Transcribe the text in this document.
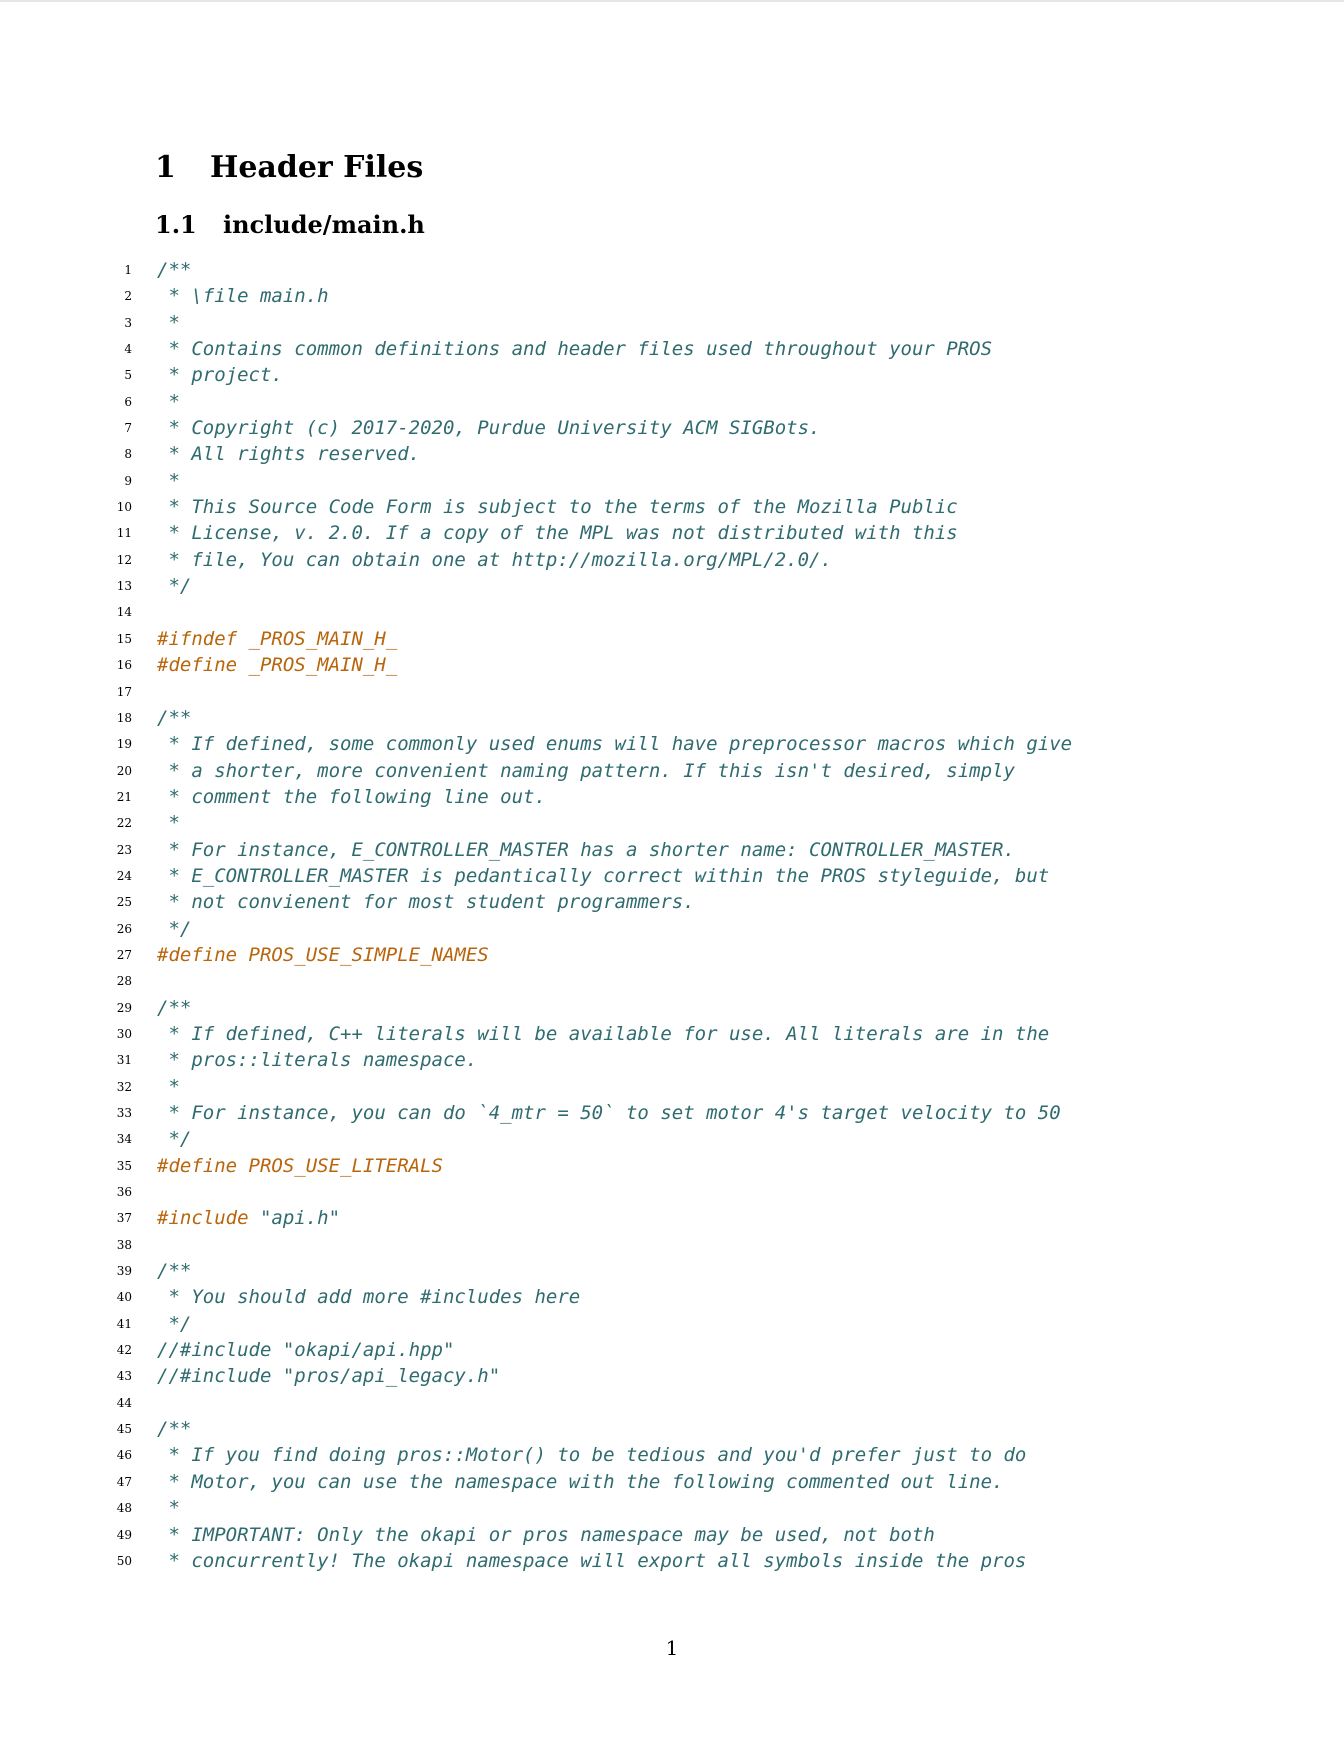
1 Header Files
1.1 include/main.h
1 /**
2 * \file main.h
3 *
4 * Contains common definitions and header files used throughout your PROS
5 * project.
6 *
7 * Copyright (c) 2017-2020, Purdue University ACM SIGBots.
8 * All rights reserved.
9 *
10 * This Source Code Form is subject to the terms of the Mozilla Public
11 * License, v. 2.0. If a copy of the MPL was not distributed with this
12 * file, You can obtain one at http://mozilla.org/MPL/2.0/.
13 */
14
15 #ifndef _PROS_MAIN_H_
16 #define _PROS_MAIN_H_
17
18 /**
19 * If defined, some commonly used enums will have preprocessor macros which give
20 * a shorter, more convenient naming pattern. If this isn't desired, simply
21 * comment the following line out.
22 *
23 * For instance, E_CONTROLLER_MASTER has a shorter name: CONTROLLER_MASTER.
24 * E_CONTROLLER_MASTER is pedantically correct within the PROS styleguide, but
25 * not convienent for most student programmers.
26 */
27 #define PROS_USE_SIMPLE_NAMES
28
29 /**
30 * If defined, C++ literals will be available for use. All literals are in the
31 * pros::literals namespace.
32 *
33 * For instance, you can do `4_mtr = 50` to set motor 4's target velocity to 50
34 */
35 #define PROS_USE_LITERALS
36
37 #include "api.h"
38
39 /**
40 * You should add more #includes here
41 */
42 //#include "okapi/api.hpp"
43 //#include "pros/api_legacy.h"
44
45 /**
46 * If you find doing pros::Motor() to be tedious and you'd prefer just to do
47 * Motor, you can use the namespace with the following commented out line.
48 *
49 * IMPORTANT: Only the okapi or pros namespace may be used, not both
50 * concurrently! The okapi namespace will export all symbols inside the pros
1
